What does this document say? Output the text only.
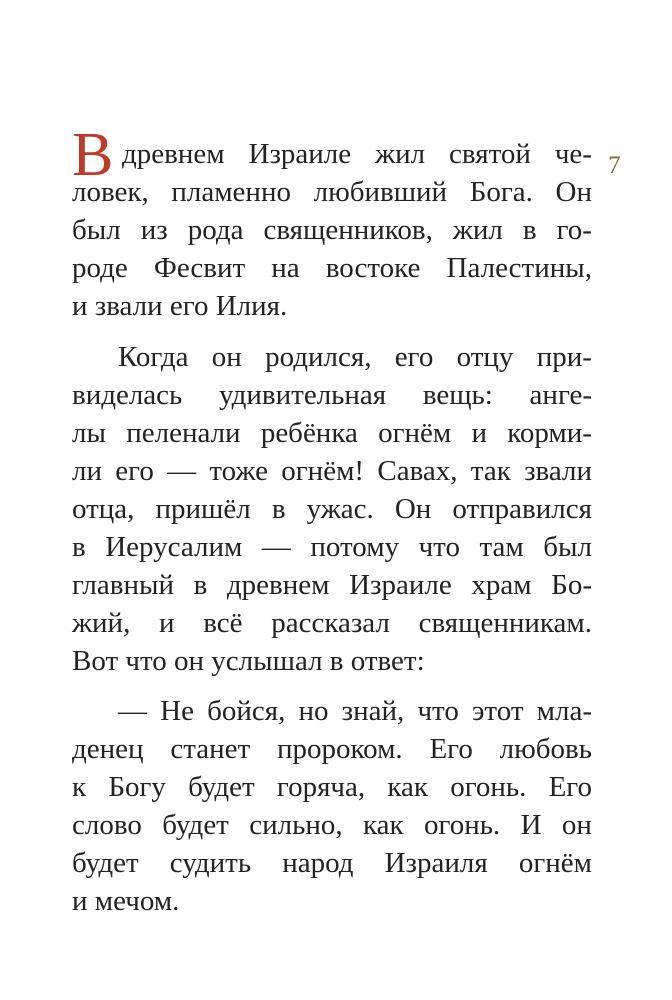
7
В древнем Израиле жил святой че-
ловек, пламенно любивший Бога. Он
был из рода священников, жил в го-
роде Фесвит на востоке Палестины,
и звали его Илия.
Когда он родился, его отцу при-
виделась удивительная вещь: анге-
лы пеленали ребёнка огнём и корми-
ли его — тоже огнём! Савах, так звали
отца, пришёл в ужас. Он отправился
в Иерусалим — потому что там был
главный в древнем Израиле храм Бо-
жий, и всё рассказал священникам.
Вот что он услышал в ответ:
— Не бойся, но знай, что этот мла-
денец станет пророком. Его любовь
к Богу будет горяча, как огонь. Его
слово будет сильно, как огонь. И он
будет судить народ Израиля огнём
и мечом.
